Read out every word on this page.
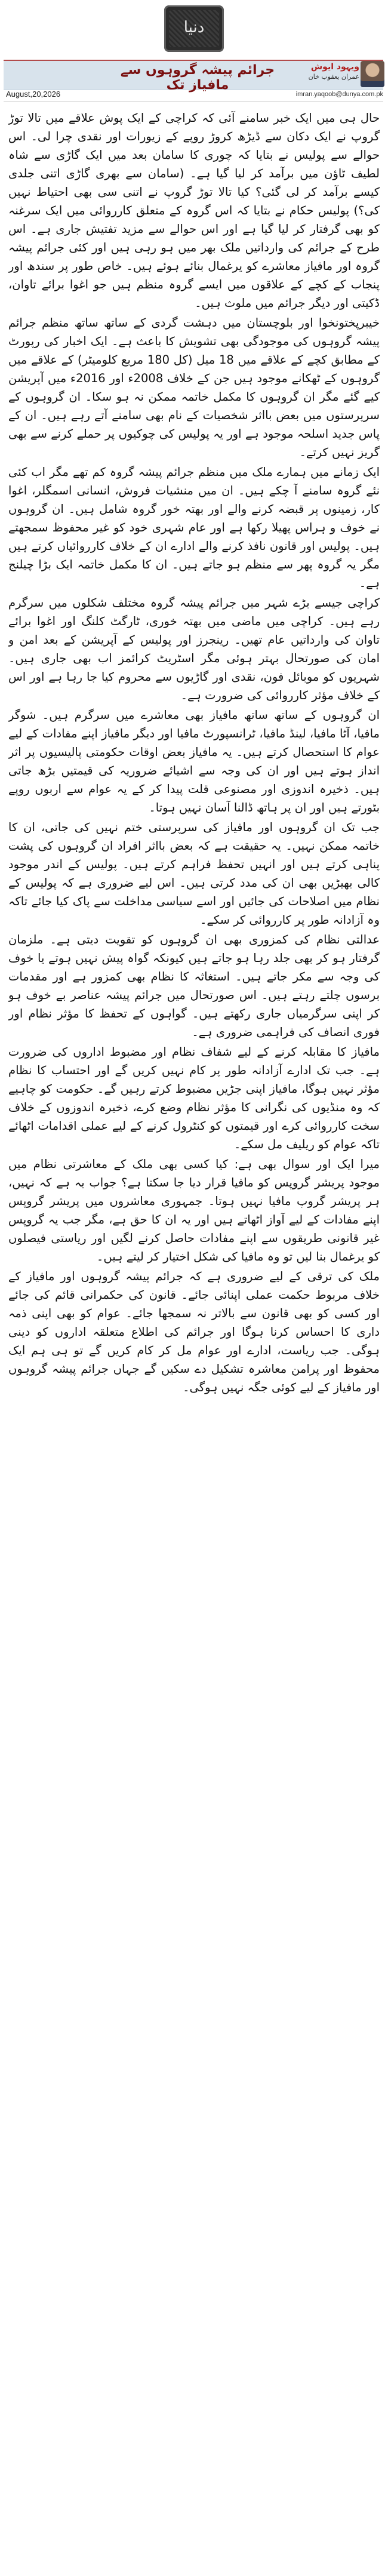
دنیا
جرائم پیشہ گروہوں سے مافیاز تک
ویہود ایوش
عمران یعقوب خان
August,20,2026	imran.yaqoob@dunya.com.pk

حال ہی میں ایک خبر سامنے آئی کہ کراچی کے ایک پوش علاقے میں تالا توڑ گروپ نے ایک دکان سے ڈیڑھ کروڑ روپے کے زیورات اور نقدی چرا لی۔ اس حوالے سے پولیس نے بتایا کہ چوری کا سامان بعد میں ایک گاڑی سے شاہ لطیف ٹاؤن میں برآمد کر لیا گیا ہے۔ (سامان سے بھری گاڑی اتنی جلدی کیسے برآمد کر لی گئی؟ کیا تالا توڑ گروپ نے اتنی سی بھی احتیاط نہیں کی؟) پولیس حکام نے بتایا کہ اس گروہ کے متعلق کارروائی میں ایک سرغنہ کو بھی گرفتار کر لیا گیا ہے اور اس حوالے سے مزید تفتیش جاری ہے۔ اس طرح کے جرائم کی وارداتیں ملک بھر میں ہو رہی ہیں اور کئی جرائم پیشہ گروہ اور مافیاز معاشرے کو یرغمال بنائے ہوئے ہیں۔ خاص طور پر سندھ اور پنجاب کے کچے کے علاقوں میں ایسے گروہ منظم ہیں جو اغوا برائے تاوان، ڈکیتی اور دیگر جرائم میں ملوث ہیں۔

خیبرپختونخوا اور بلوچستان میں دہشت گردی کے ساتھ ساتھ منظم جرائم پیشہ گروہوں کی موجودگی بھی تشویش کا باعث ہے۔ ایک اخبار کی رپورٹ کے مطابق کچے کے علاقے میں 18 میل (کل 180 مربع کلومیٹر) کے علاقے میں گروہوں کے ٹھکانے موجود ہیں جن کے خلاف 2008ء اور 2016ء میں آپریشن کیے گئے مگر ان گروہوں کا مکمل خاتمہ ممکن نہ ہو سکا۔ ان گروہوں کے سرپرستوں میں بعض بااثر شخصیات کے نام بھی سامنے آتے رہے ہیں۔ ان کے پاس جدید اسلحہ موجود ہے اور یہ پولیس کی چوکیوں پر حملے کرنے سے بھی گریز نہیں کرتے۔

ایک زمانے میں ہمارے ملک میں منظم جرائم پیشہ گروہ کم تھے مگر اب کئی نئے گروہ سامنے آ چکے ہیں۔ ان میں منشیات فروش، انسانی اسمگلر، اغوا کار، زمینوں پر قبضہ کرنے والے اور بھتہ خور گروہ شامل ہیں۔ ان گروہوں نے خوف و ہراس پھیلا رکھا ہے اور عام شہری خود کو غیر محفوظ سمجھتے ہیں۔ پولیس اور قانون نافذ کرنے والے ادارے ان کے خلاف کارروائیاں کرتے ہیں مگر یہ گروہ پھر سے منظم ہو جاتے ہیں۔ ان کا مکمل خاتمہ ایک بڑا چیلنج ہے۔

کراچی جیسے بڑے شہر میں جرائم پیشہ گروہ مختلف شکلوں میں سرگرم رہے ہیں۔ کراچی میں ماضی میں بھتہ خوری، ٹارگٹ کلنگ اور اغوا برائے تاوان کی وارداتیں عام تھیں۔ رینجرز اور پولیس کے آپریشن کے بعد امن و امان کی صورتحال بہتر ہوئی مگر اسٹریٹ کرائمز اب بھی جاری ہیں۔ شہریوں کو موبائل فون، نقدی اور گاڑیوں سے محروم کیا جا رہا ہے اور اس کے خلاف مؤثر کارروائی کی ضرورت ہے۔

ان گروہوں کے ساتھ ساتھ مافیاز بھی معاشرے میں سرگرم ہیں۔ شوگر مافیا، آٹا مافیا، لینڈ مافیا، ٹرانسپورٹ مافیا اور دیگر مافیاز اپنے مفادات کے لیے عوام کا استحصال کرتے ہیں۔ یہ مافیاز بعض اوقات حکومتی پالیسیوں پر اثر انداز ہوتے ہیں اور ان کی وجہ سے اشیائے ضروریہ کی قیمتیں بڑھ جاتی ہیں۔ ذخیرہ اندوزی اور مصنوعی قلت پیدا کر کے یہ عوام سے اربوں روپے بٹورتے ہیں اور ان پر ہاتھ ڈالنا آسان نہیں ہوتا۔

جب تک ان گروہوں اور مافیاز کی سرپرستی ختم نہیں کی جاتی، ان کا خاتمہ ممکن نہیں۔ یہ حقیقت ہے کہ بعض بااثر افراد ان گروہوں کی پشت پناہی کرتے ہیں اور انہیں تحفظ فراہم کرتے ہیں۔ پولیس کے اندر موجود کالی بھیڑیں بھی ان کی مدد کرتی ہیں۔ اس لیے ضروری ہے کہ پولیس کے نظام میں اصلاحات کی جائیں اور اسے سیاسی مداخلت سے پاک کیا جائے تاکہ وہ آزادانہ طور پر کارروائی کر سکے۔

عدالتی نظام کی کمزوری بھی ان گروہوں کو تقویت دیتی ہے۔ ملزمان گرفتار ہو کر بھی جلد رہا ہو جاتے ہیں کیونکہ گواہ پیش نہیں ہوتے یا خوف کی وجہ سے مکر جاتے ہیں۔ استغاثہ کا نظام بھی کمزور ہے اور مقدمات برسوں چلتے رہتے ہیں۔ اس صورتحال میں جرائم پیشہ عناصر بے خوف ہو کر اپنی سرگرمیاں جاری رکھتے ہیں۔ گواہوں کے تحفظ کا مؤثر نظام اور فوری انصاف کی فراہمی ضروری ہے۔

مافیاز کا مقابلہ کرنے کے لیے شفاف نظام اور مضبوط اداروں کی ضرورت ہے۔ جب تک ادارے آزادانہ طور پر کام نہیں کریں گے اور احتساب کا نظام مؤثر نہیں ہوگا، مافیاز اپنی جڑیں مضبوط کرتے رہیں گے۔ حکومت کو چاہیے کہ وہ منڈیوں کی نگرانی کا مؤثر نظام وضع کرے، ذخیرہ اندوزوں کے خلاف سخت کارروائی کرے اور قیمتوں کو کنٹرول کرنے کے لیے عملی اقدامات اٹھائے تاکہ عوام کو ریلیف مل سکے۔

میرا ایک اور سوال بھی ہے: کیا کسی بھی ملک کے معاشرتی نظام میں موجود پریشر گروپس کو مافیا قرار دیا جا سکتا ہے؟ جواب یہ ہے کہ نہیں، ہر پریشر گروپ مافیا نہیں ہوتا۔ جمہوری معاشروں میں پریشر گروپس اپنے مفادات کے لیے آواز اٹھاتے ہیں اور یہ ان کا حق ہے، مگر جب یہ گروپس غیر قانونی طریقوں سے اپنے مفادات حاصل کرنے لگیں اور ریاستی فیصلوں کو یرغمال بنا لیں تو وہ مافیا کی شکل اختیار کر لیتے ہیں۔

ملک کی ترقی کے لیے ضروری ہے کہ جرائم پیشہ گروہوں اور مافیاز کے خلاف مربوط حکمت عملی اپنائی جائے۔ قانون کی حکمرانی قائم کی جائے اور کسی کو بھی قانون سے بالاتر نہ سمجھا جائے۔ عوام کو بھی اپنی ذمہ داری کا احساس کرنا ہوگا اور جرائم کی اطلاع متعلقہ اداروں کو دینی ہوگی۔ جب ریاست، ادارے اور عوام مل کر کام کریں گے تو ہی ہم ایک محفوظ اور پرامن معاشرہ تشکیل دے سکیں گے جہاں جرائم پیشہ گروہوں اور مافیاز کے لیے کوئی جگہ نہیں ہوگی۔
